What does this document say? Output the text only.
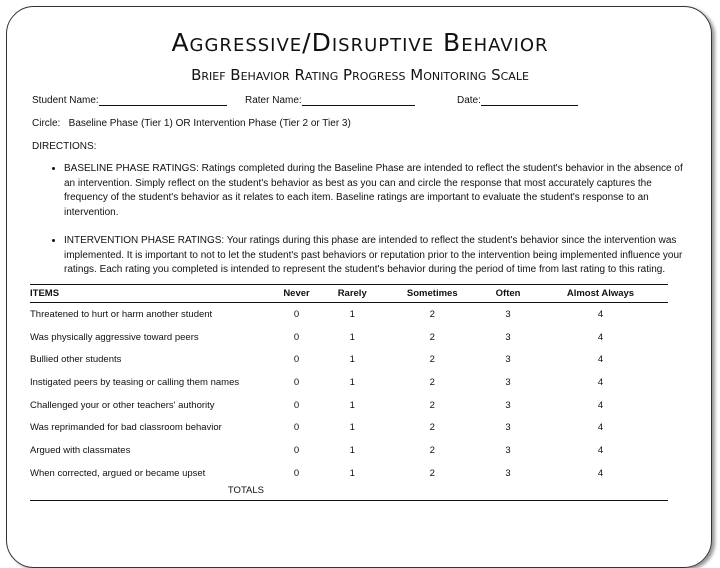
Aggressive/Disruptive Behavior
Brief Behavior Rating Progress Monitoring Scale
Student Name:	Rater Name:	Date:
Circle:   Baseline Phase (Tier 1) OR Intervention Phase (Tier 2 or Tier 3)
DIRECTIONS:
• BASELINE PHASE RATINGS: Ratings completed during the Baseline Phase are intended to reflect the student's behavior in the absence of an intervention. Simply reflect on the student's behavior as best as you can and circle the response that most accurately captures the frequency of the student's behavior as it relates to each item. Baseline ratings are important to evaluate the student's response to an intervention.
• INTERVENTION PHASE RATINGS: Your ratings during this phase are intended to reflect the student's behavior since the intervention was implemented. It is important to not to let the student's past behaviors or reputation prior to the intervention being implemented influence your ratings. Each rating you completed is intended to represent the student's behavior during the period of time from last rating to this rating.
ITEMS	Never	Rarely	Sometimes	Often	Almost Always
Threatened to hurt or harm another student	0	1	2	3	4
Was physically aggressive toward peers	0	1	2	3	4
Bullied other students	0	1	2	3	4
Instigated peers by teasing or calling them names	0	1	2	3	4
Challenged your or other teachers' authority	0	1	2	3	4
Was reprimanded for bad classroom behavior	0	1	2	3	4
Argued with classmates	0	1	2	3	4
When corrected, argued or became upset	0	1	2	3	4
TOTALS					
